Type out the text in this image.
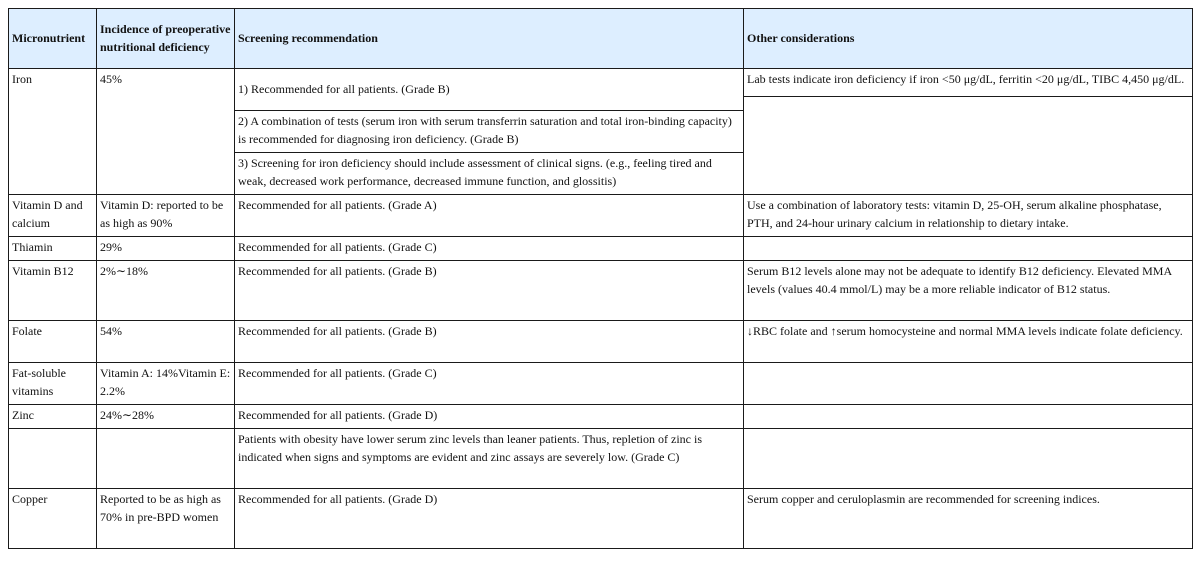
Micronutrient	Incidence of preoperative nutritional deficiency	Screening recommendation	Other considerations
Iron	45%	1) Recommended for all patients. (Grade B)	Lab tests indicate iron deficiency if iron <50 μg/dL, ferritin <20 μg/dL, TIBC 4,450 μg/dL.

		2) A combination of tests (serum iron with serum transferrin saturation and total iron-binding capacity) is recommended for diagnosing iron deficiency. (Grade B)	
		3) Screening for iron deficiency should include assessment of clinical signs. (e.g., feeling tired and weak, decreased work performance, decreased immune function, and glossitis)	
Vitamin D and calcium	Vitamin D: reported to be as high as 90%	Recommended for all patients. (Grade A)	Use a combination of laboratory tests: vitamin D, 25-OH, serum alkaline phosphatase, PTH, and 24-hour urinary calcium in relationship to dietary intake.
Thiamin	29%	Recommended for all patients. (Grade C)	
Vitamin B12	2%∼18%	Recommended for all patients. (Grade B)	Serum B12 levels alone may not be adequate to identify B12 deficiency. Elevated MMA levels (values 40.4 mmol/L) may be a more reliable indicator of B12 status.
Folate	54%	Recommended for all patients. (Grade B)	↓RBC folate and ↑serum homocysteine and normal MMA levels indicate folate deficiency.
Fat-soluble vitamins	Vitamin A: 14%Vitamin E: 2.2%	Recommended for all patients. (Grade C)	
Zinc	24%∼28%	Recommended for all patients. (Grade D)	
		Patients with obesity have lower serum zinc levels than leaner patients. Thus, repletion of zinc is indicated when signs and symptoms are evident and zinc assays are severely low. (Grade C)	
Copper	Reported to be as high as 70% in pre-BPD women	Recommended for all patients. (Grade D)	Serum copper and ceruloplasmin are recommended for screening indices.
